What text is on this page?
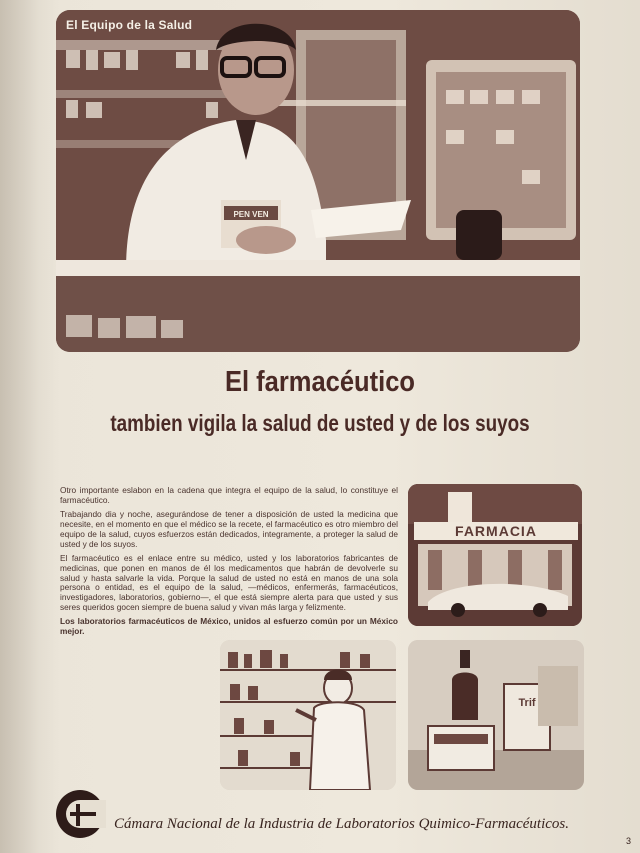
PEN VEN
El Equipo de la Salud
El farmacéutico
tambien vigila la salud de usted y de los suyos

Otro importante eslabon en la cadena que integra el equipo de la salud, lo constituye el farmacéutico.

Trabajando dia y noche, asegurándose de tener a disposición de usted la medicina que necesite, en el momento en que el médico se la recete, el farmacéutico es otro miembro del equipo de la salud, cuyos esfuerzos están dedicados, integramente, a proteger la salud de usted y de los suyos.

El farmacéutico es el enlace entre su médico, usted y los laboratorios fabricantes de medicinas, que ponen en manos de él los medicamentos que habrán de devolverle su salud y hasta salvarle la vida. Porque la salud de usted no está en manos de una sola persona o entidad, es el equipo de la salud, —médicos, enfermerás, farmacéuticos, investigadores, laboratorios, gobierno—, el que está siempre alerta para que usted y sus seres queridos gocen siempre de buena salud y vivan más larga y felizmente.

Los laboratorios farmacéuticos de México, unidos al esfuerzo común por un México mejor.

FARMACIA
Trif
Cámara Nacional de la Industria de Laboratorios Quimico-Farmacéuticos.
3
